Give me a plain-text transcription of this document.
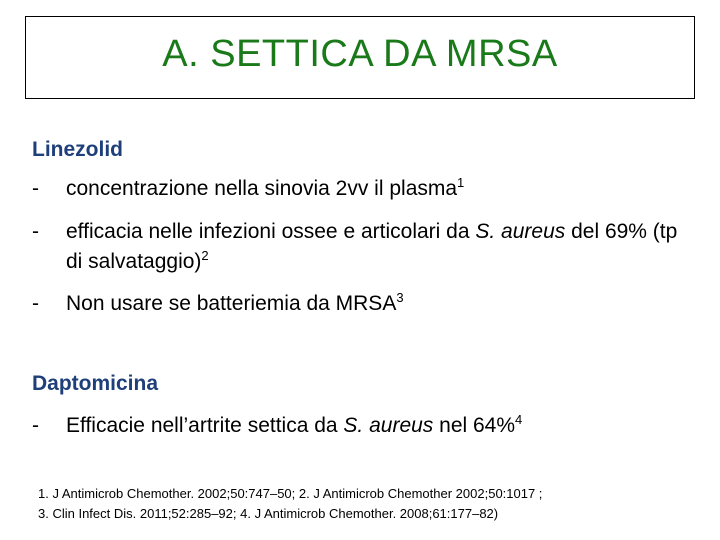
A. SETTICA DA MRSA
Linezolid
-	concentrazione nella sinovia 2vv il plasma$^1$
-	efficacia nelle infezioni ossee e articolari da S. aureus del 69% (tp di salvataggio)$^2$
-	Non usare se batteriemia da MRSA$^3$
Daptomicina
-	Efficacie nell’artrite settica da S. aureus nel 64%$^4$
1. J Antimicrob Chemother. 2002;50:747–50; 2. J Antimicrob Chemother 2002;50:1017 ;
3. Clin Infect Dis. 2011;52:285–92; 4. J Antimicrob Chemother. 2008;61:177–82)
